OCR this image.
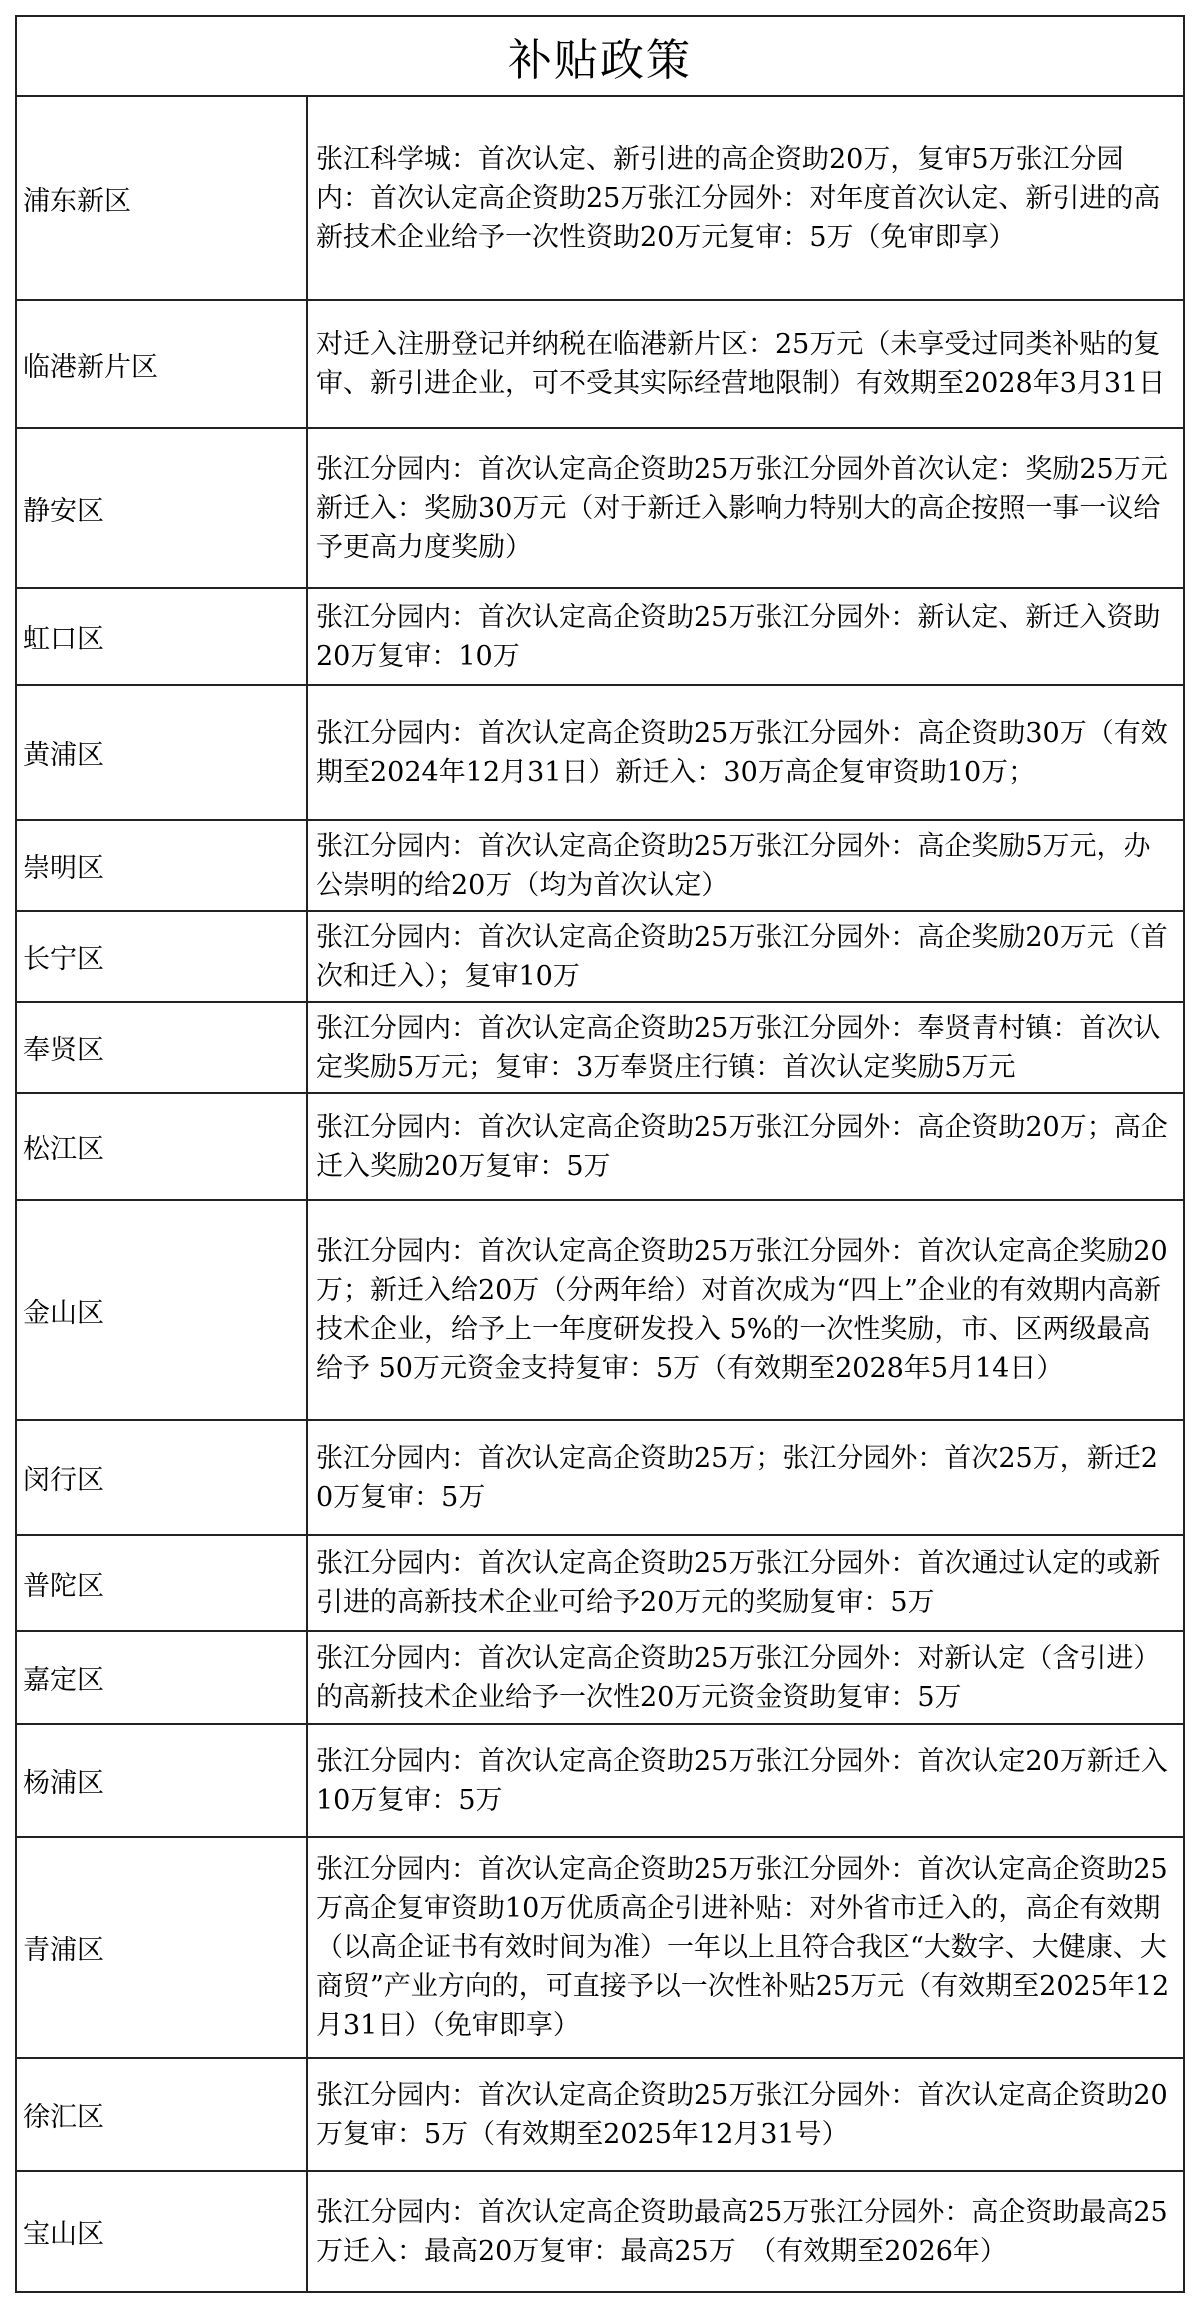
补贴政策
浦东新区
张江科学城：首次认定、新引进的高企资助20万，复审5万张江分园内：首次认定高企资助25万张江分园外：对年度首次认定、新引进的高新技术企业给予一次性资助20万元复审：5万（免审即享）
临港新片区
对迁入注册登记并纳税在临港新片区：25万元（未享受过同类补贴的复审、新引进企业，可不受其实际经营地限制）有效期至2028年3月31日
静安区
张江分园内：首次认定高企资助25万张江分园外首次认定：奖励25万元新迁入：奖励30万元（对于新迁入影响力特别大的高企按照一事一议给予更高力度奖励）
虹口区
张江分园内：首次认定高企资助25万张江分园外：新认定、新迁入资助20万复审：10万
黄浦区
张江分园内：首次认定高企资助25万张江分园外：高企资助30万（有效期至2024年12月31日）新迁入：30万高企复审资助10万；
崇明区
张江分园内：首次认定高企资助25万张江分园外：高企奖励5万元，办公崇明的给20万（均为首次认定）
长宁区
张江分园内：首次认定高企资助25万张江分园外：高企奖励20万元（首次和迁入）；复审10万
奉贤区
张江分园内：首次认定高企资助25万张江分园外：奉贤青村镇：首次认定奖励5万元；复审：3万奉贤庄行镇：首次认定奖励5万元
松江区
张江分园内：首次认定高企资助25万张江分园外：高企资助20万；高企迁入奖励20万复审：5万
金山区
张江分园内：首次认定高企资助25万张江分园外：首次认定高企奖励20万；新迁入给20万（分两年给）对首次成为“四上”企业的有效期内高新技术企业，给予上一年度研发投入 5%的一次性奖励，市、区两级最高给予 50万元资金支持复审：5万（有效期至2028年5月14日）
闵行区
张江分园内：首次认定高企资助25万；张江分园外：首次25万，新迁20万复审：5万
普陀区
张江分园内：首次认定高企资助25万张江分园外：首次通过认定的或新引进的高新技术企业可给予20万元的奖励复审：5万
嘉定区
张江分园内：首次认定高企资助25万张江分园外：对新认定（含引进）的高新技术企业给予一次性20万元资金资助复审：5万
杨浦区
张江分园内：首次认定高企资助25万张江分园外：首次认定20万新迁入10万复审：5万
青浦区
张江分园内：首次认定高企资助25万张江分园外：首次认定高企资助25万高企复审资助10万优质高企引进补贴：对外省市迁入的，高企有效期（以高企证书有效时间为准）一年以上且符合我区“大数字、大健康、大商贸”产业方向的，可直接予以一次性补贴25万元（有效期至2025年12月31日）（免审即享）
徐汇区
张江分园内：首次认定高企资助25万张江分园外：首次认定高企资助20万复审：5万（有效期至2025年12月31号）
宝山区
张江分园内：首次认定高企资助最高25万张江分园外：高企资助最高25万迁入：最高20万复审：最高25万　（有效期至2026年）
